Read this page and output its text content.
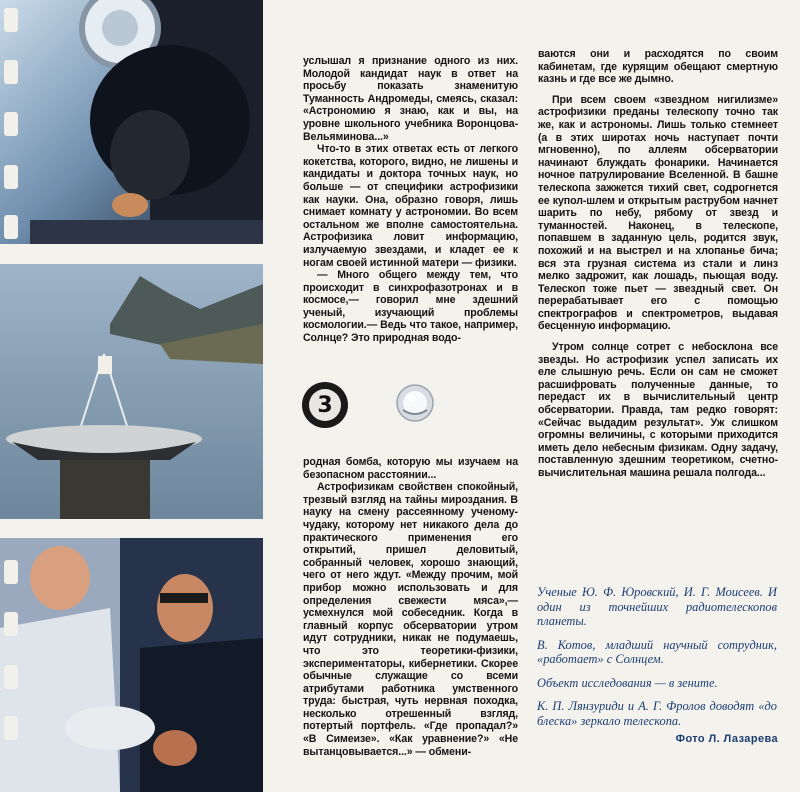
услышал я признание одного из них. Молодой кандидат наук в ответ на просьбу показать знаменитую Туманность Андромеды, смеясь, сказал: «Астрономию я знаю, как и вы, на уровне школьного учебника Воронцова-Вельяминова...»

Что-то в этих ответах есть от легкого кокетства, которого, видно, не лишены и кандидаты и доктора точных наук, но больше — от специфики астрофизики как науки. Она, образно говоря, лишь снимает комнату у астрономии. Во всем остальном же вполне самостоятельна. Астрофизика ловит информацию, излучаемую звездами, и кладет ее к ногам своей истинной матери — физики.

— Много общего между тем, что происходит в синхрофазотронах и в космосе,— говорил мне здешний ученый, изучающий проблемы космологии.— Ведь что такое, например, Солнце? Это природная водо-

3

родная бомба, которую мы изучаем на безопасном расстоянии...

Астрофизикам свойствен спокойный, трезвый взгляд на тайны мироздания. В науку на смену рассеянному ученому-чудаку, которому нет никакого дела до практического применения его открытий, пришел деловитый, собранный человек, хорошо знающий, чего от него ждут. «Между прочим, мой прибор можно использовать и для определения свежести мяса»,— усмехнулся мой собеседник. Когда в главный корпус обсерватории утром идут сотрудники, никак не подумаешь, что это теоретики-физики, экспериментаторы, кибернетики. Скорее обычные служащие со всеми атрибутами работника умственного труда: быстрая, чуть нервная походка, несколько отрешенный взгляд, потертый портфель. «Где пропадал?» «В Симеизе». «Как уравнение?» «Не вытанцовывается...» — обмени-

ваются они и расходятся по своим кабинетам, где курящим обещают смертную казнь и где все же дымно.

При всем своем «звездном нигилизме» астрофизики преданы телескопу точно так же, как и астрономы. Лишь только стемнеет (а в этих широтах ночь наступает почти мгновенно), по аллеям обсерватории начинают блуждать фонарики. Начинается ночное патрулирование Вселенной. В башне телескопа зажжется тихий свет, содрогнется ее купол-шлем и открытым раструбом начнет шарить по небу, рябому от звезд и туманностей. Наконец, в телескопе, попавшем в заданную цель, родится звук, похожий и на выстрел и на хлопанье бича; вся эта грузная система из стали и линз мелко задрожит, как лошадь, пьющая воду. Телескоп тоже пьет — звездный свет. Он перерабатывает его с помощью спектрографов и спектрометров, выдавая бесценную информацию.

Утром солнце сотрет с небосклона все звезды. Но астрофизик успел записать их еле слышную речь. Если он сам не сможет расшифровать полученные данные, то передаст их в вычислительный центр обсерватории. Правда, там редко говорят: «Сейчас выдадим результат». Уж слишком огромны величины, с которыми приходится иметь дело небесным физикам. Одну задачу, поставленную здешним теоретиком, счетно-вычислительная машина решала полгода...

Ученые Ю. Ф. Юровский, И. Г. Моисеев. И один из точнейших радиотелескопов планеты.

В. Котов, младший научный сотрудник, «работает» с Солнцем.

Объект исследования — в зените.

К. П. Лянзуриди и А. Г. Фролов доводят «до блеска» зеркало телескопа.

Фото Л. Лазарева
